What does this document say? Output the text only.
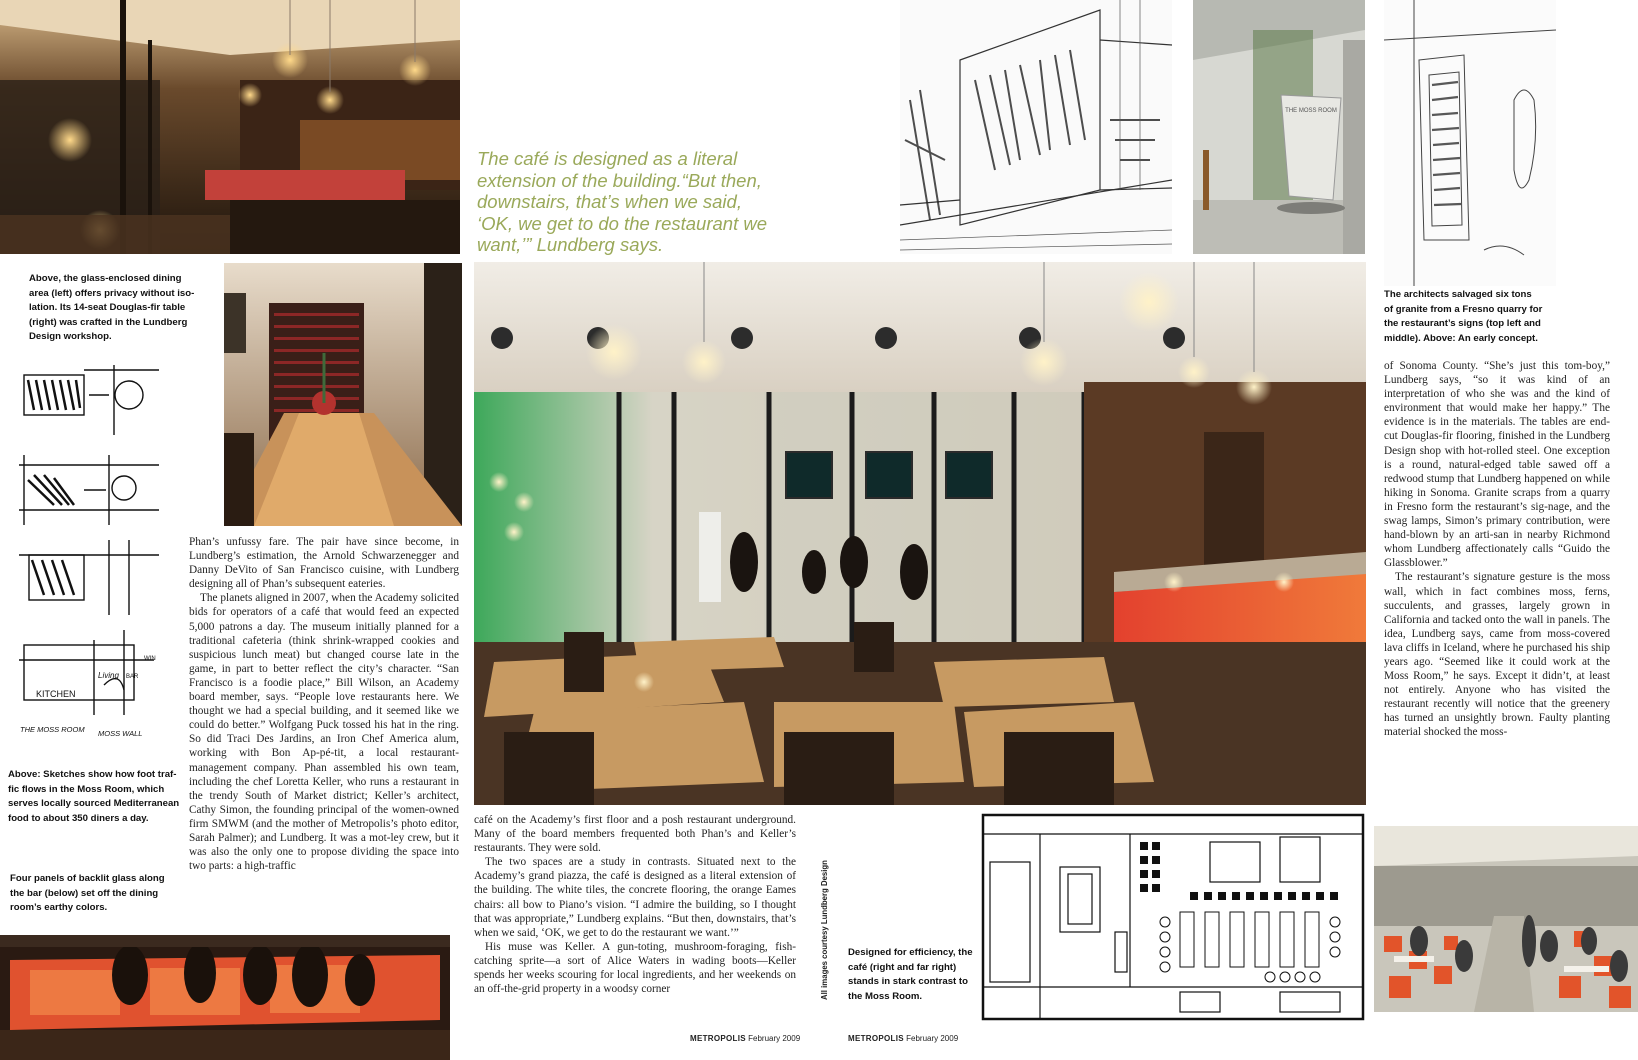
The café is designed as a literal
extension of the building.“But then,
downstairs, that’s when we said,
‘OK, we get to do the restaurant we
want,’” Lundberg says.
THE MOSS ROOM
Above, the glass-enclosed dining
area (left) offers privacy without iso-
lation. Its 14-seat Douglas-fir table
(right) was crafted in the Lundberg
Design workshop.
KITCHEN
Living BAR
WIN
THE MOSS ROOM MOSS WALL
Above: Sketches show how foot traf-
fic flows in the Moss Room, which
serves locally sourced Mediterranean
food to about 350 diners a day.
Four panels of backlit glass along
the bar (below) set off the dining
room’s earthy colors.

Phan’s unfussy fare. The pair have since become, in Lundberg’s estimation, the Arnold Schwarzenegger and Danny DeVito of San Francisco cuisine, with Lundberg designing all of Phan’s subsequent eateries.

The planets aligned in 2007, when the Academy solicited bids for operators of a café that would feed an expected 5,000 patrons a day. The museum initially planned for a traditional cafeteria (think shrink-wrapped cookies and suspicious lunch meat) but changed course late in the game, in part to better reflect the city’s character. “San Francisco is a foodie place,” Bill Wilson, an Academy board member, says. “People love restaurants here. We thought we had a special building, and it seemed like we could do better.” Wolfgang Puck tossed his hat in the ring. So did Traci Des Jardins, an Iron Chef America alum, working with Bon Ap-pé-tit, a local restaurant-management company. Phan assembled his own team, including the chef Loretta Keller, who runs a restaurant in the trendy South of Market district; Keller’s architect, Cathy Simon, the founding principal of the women-owned firm SMWM (and the mother of Metropolis’s photo editor, Sarah Palmer); and Lundberg. It was a mot-ley crew, but it was also the only one to propose dividing the space into two parts: a high-traffic

café on the Academy’s first floor and a posh restaurant underground. Many of the board members frequented both Phan’s and Keller’s restaurants. They were sold.

The two spaces are a study in contrasts. Situated next to the Academy’s grand piazza, the café is designed as a literal extension of the building. The white tiles, the concrete flooring, the orange Eames chairs: all bow to Piano’s vision. “I admire the building, so I thought that was appropriate,” Lundberg explains. “But then, downstairs, that’s when we said, ‘OK, we get to do the restaurant we want.’”

His muse was Keller. A gun-toting, mushroom-foraging, fish-catching sprite—a sort of Alice Waters in wading boots—Keller spends her weeks scouring for local ingredients, and her weekends on an off-the-grid property in a woodsy corner

of Sonoma County. “She’s just this tom-boy,” Lundberg says, “so it was kind of an interpretation of who she was and the kind of environment that would make her happy.” The evidence is in the materials. The tables are end-cut Douglas-fir flooring, finished in the Lundberg Design shop with hot-rolled steel. One exception is a round, natural-edged table sawed off a redwood stump that Lundberg happened on while hiking in Sonoma. Granite scraps from a quarry in Fresno form the restaurant’s sig-nage, and the swag lamps, Simon’s primary contribution, were hand-blown by an arti-san in nearby Richmond whom Lundberg affectionately calls “Guido the Glassblower.”

The restaurant’s signature gesture is the moss wall, which in fact combines moss, ferns, succulents, and grasses, largely grown in California and tacked onto the wall in panels. The idea, Lundberg says, came from moss-covered lava cliffs in Iceland, where he purchased his ship years ago. “Seemed like it could work at the Moss Room,” he says. Except it didn’t, at least not entirely. Anyone who has visited the restaurant recently will notice that the greenery has turned an unsightly brown. Faulty planting material shocked the moss-

The architects salvaged six tons
of granite from a Fresno quarry for
the restaurant’s signs (top left and
middle). Above: An early concept.
All images courtesy Lundberg Design Designed for efficiency, the
café (right and far right)
stands in stark contrast to
the Moss Room.
METROPOLIS February 2009	METROPOLIS February 2009
